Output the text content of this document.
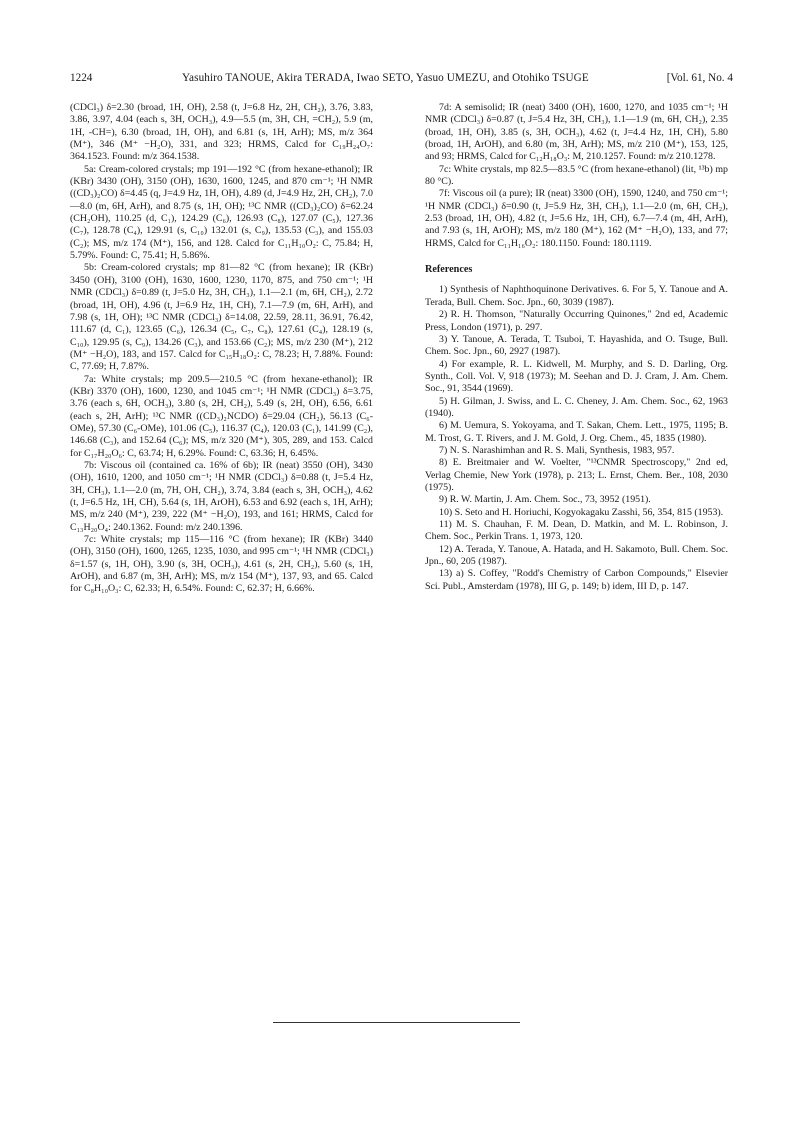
1224	Yasuhiro TANOUE, Akira TERADA, Iwao SETO, Yasuo UMEZU, and Otohiko TSUGE	[Vol. 61, No. 4

(CDCl₃) δ=2.30 (broad, 1H, OH), 2.58 (t, J=6.8 Hz, 2H, CH₂), 3.76, 3.83, 3.86, 3.97, 4.04 (each s, 3H, OCH₃), 4.9—5.5 (m, 3H, CH, =CH₂), 5.9 (m, 1H, -CH=), 6.30 (broad, 1H, OH), and 6.81 (s, 1H, ArH); MS, m/z 364 (M⁺), 346 (M⁺ −H₂O), 331, and 323; HRMS, Calcd for C₁₉H₂₄O₇: 364.1523. Found: m/z 364.1538.

5a: Cream-colored crystals; mp 191—192 °C (from hexane-ethanol); IR (KBr) 3430 (OH), 3150 (OH), 1630, 1600, 1245, and 870 cm⁻¹; ¹H NMR ((CD₃)₂CO) δ=4.45 (q, J=4.9 Hz, 1H, OH), 4.89 (d, J=4.9 Hz, 2H, CH₂), 7.0—8.0 (m, 6H, ArH), and 8.75 (s, 1H, OH); ¹³C NMR ((CD₃)₂CO) δ=62.24 (CH₂OH), 110.25 (d, C₁), 124.29 (C₆), 126.93 (C₈), 127.07 (C₅), 127.36 (C₇), 128.78 (C₄), 129.91 (s, C₁₀) 132.01 (s, C₉), 135.53 (C₃), and 155.03 (C₂); MS, m/z 174 (M⁺), 156, and 128. Calcd for C₁₁H₁₀O₂: C, 75.84; H, 5.79%. Found: C, 75.41; H, 5.86%.

5b: Cream-colored crystals; mp 81—82 °C (from hexane); IR (KBr) 3450 (OH), 3100 (OH), 1630, 1600, 1230, 1170, 875, and 750 cm⁻¹; ¹H NMR (CDCl₃) δ=0.89 (t, J=5.0 Hz, 3H, CH₃), 1.1—2.1 (m, 6H, CH₂), 2.72 (broad, 1H, OH), 4.96 (t, J=6.9 Hz, 1H, CH), 7.1—7.9 (m, 6H, ArH), and 7.98 (s, 1H, OH); ¹³C NMR (CDCl₃) δ=14.08, 22.59, 28.11, 36.91, 76.42, 111.67 (d, C₁), 123.65 (C₆), 126.34 (C₅, C₇, C₈), 127.61 (C₄), 128.19 (s, C₁₀), 129.95 (s, C₉), 134.26 (C₃), and 153.66 (C₂); MS, m/z 230 (M⁺), 212 (M⁺ −H₂O), 183, and 157. Calcd for C₁₅H₁₈O₂: C, 78.23; H, 7.88%. Found: C, 77.69; H, 7.87%.

7a: White crystals; mp 209.5—210.5 °C (from hexane-ethanol); IR (KBr) 3370 (OH), 1600, 1230, and 1045 cm⁻¹; ¹H NMR (CDCl₃) δ=3.75, 3.76 (each s, 6H, OCH₃), 3.80 (s, 2H, CH₂), 5.49 (s, 2H, OH), 6.56, 6.61 (each s, 2H, ArH); ¹³C NMR ((CD₃)₂NCDO) δ=29.04 (CH₂), 56.13 (C₆-OMe), 57.30 (C₆-OMe), 101.06 (C₅), 116.37 (C₄), 120.03 (C₁), 141.99 (C₂), 146.68 (C₃), and 152.64 (C₆); MS, m/z 320 (M⁺), 305, 289, and 153. Calcd for C₁₇H₂₀O₆: C, 63.74; H, 6.29%. Found: C, 63.36; H, 6.45%.

7b: Viscous oil (contained ca. 16% of 6b); IR (neat) 3550 (OH), 3430 (OH), 1610, 1200, and 1050 cm⁻¹; ¹H NMR (CDCl₃) δ=0.88 (t, J=5.4 Hz, 3H, CH₃), 1.1—2.0 (m, 7H, OH, CH₂), 3.74, 3.84 (each s, 3H, OCH₃), 4.62 (t, J=6.5 Hz, 1H, CH), 5.64 (s, 1H, ArOH), 6.53 and 6.92 (each s, 1H, ArH); MS, m/z 240 (M⁺), 239, 222 (M⁺ −H₂O), 193, and 161; HRMS, Calcd for C₁₃H₂₀O₄: 240.1362. Found: m/z 240.1396.

7c: White crystals; mp 115—116 °C (from hexane); IR (KBr) 3440 (OH), 3150 (OH), 1600, 1265, 1235, 1030, and 995 cm⁻¹; ¹H NMR (CDCl₃) δ=1.57 (s, 1H, OH), 3.90 (s, 3H, OCH₃), 4.61 (s, 2H, CH₂), 5.60 (s, 1H, ArOH), and 6.87 (m, 3H, ArH); MS, m/z 154 (M⁺), 137, 93, and 65. Calcd for C₈H₁₀O₃: C, 62.33; H, 6.54%. Found: C, 62.37; H, 6.66%.

7d: A semisolid; IR (neat) 3400 (OH), 1600, 1270, and 1035 cm⁻¹; ¹H NMR (CDCl₃) δ=0.87 (t, J=5.4 Hz, 3H, CH₃), 1.1—1.9 (m, 6H, CH₂), 2.35 (broad, 1H, OH), 3.85 (s, 3H, OCH₃), 4.62 (t, J=4.4 Hz, 1H, CH), 5.80 (broad, 1H, ArOH), and 6.80 (m, 3H, ArH); MS, m/z 210 (M⁺), 153, 125, and 93; HRMS, Calcd for C₁₂H₁₈O₃: M, 210.1257. Found: m/z 210.1278.

7c: White crystals, mp 82.5—83.5 °C (from hexane-ethanol) (lit, ¹³b) mp 80 °C).

7f: Viscous oil (a pure); IR (neat) 3300 (OH), 1590, 1240, and 750 cm⁻¹; ¹H NMR (CDCl₃) δ=0.90 (t, J=5.9 Hz, 3H, CH₃), 1.1—2.0 (m, 6H, CH₂), 2.53 (broad, 1H, OH), 4.82 (t, J=5.6 Hz, 1H, CH), 6.7—7.4 (m, 4H, ArH), and 7.93 (s, 1H, ArOH); MS, m/z 180 (M⁺), 162 (M⁺ −H₂O), 133, and 77; HRMS, Calcd for C₁₁H₁₆O₂: 180.1150. Found: 180.1119.

References

1) Synthesis of Naphthoquinone Derivatives. 6. For 5, Y. Tanoue and A. Terada, Bull. Chem. Soc. Jpn., 60, 3039 (1987).

2) R. H. Thomson, "Naturally Occurring Quinones," 2nd ed, Academic Press, London (1971), p. 297.

3) Y. Tanoue, A. Terada, T. Tsuboi, T. Hayashida, and O. Tsuge, Bull. Chem. Soc. Jpn., 60, 2927 (1987).

4) For example, R. L. Kidwell, M. Murphy, and S. D. Darling, Org. Synth., Coll. Vol. V, 918 (1973); M. Seehan and D. J. Cram, J. Am. Chem. Soc., 91, 3544 (1969).

5) H. Gilman, J. Swiss, and L. C. Cheney, J. Am. Chem. Soc., 62, 1963 (1940).

6) M. Uemura, S. Yokoyama, and T. Sakan, Chem. Lett., 1975, 1195; B. M. Trost, G. T. Rivers, and J. M. Gold, J. Org. Chem., 45, 1835 (1980).

7) N. S. Narashimhan and R. S. Mali, Synthesis, 1983, 957.

8) E. Breitmaier and W. Voelter, "¹³CNMR Spectroscopy," 2nd ed, Verlag Chemie, New York (1978), p. 213; L. Ernst, Chem. Ber., 108, 2030 (1975).

9) R. W. Martin, J. Am. Chem. Soc., 73, 3952 (1951).

10) S. Seto and H. Horiuchi, Kogyokagaku Zasshi, 56, 354, 815 (1953).

11) M. S. Chauhan, F. M. Dean, D. Matkin, and M. L. Robinson, J. Chem. Soc., Perkin Trans. 1, 1973, 120.

12) A. Terada, Y. Tanoue, A. Hatada, and H. Sakamoto, Bull. Chem. Soc. Jpn., 60, 205 (1987).

13) a) S. Coffey, "Rodd's Chemistry of Carbon Compounds," Elsevier Sci. Publ., Amsterdam (1978), III G, p. 149; b) idem, III D, p. 147.
